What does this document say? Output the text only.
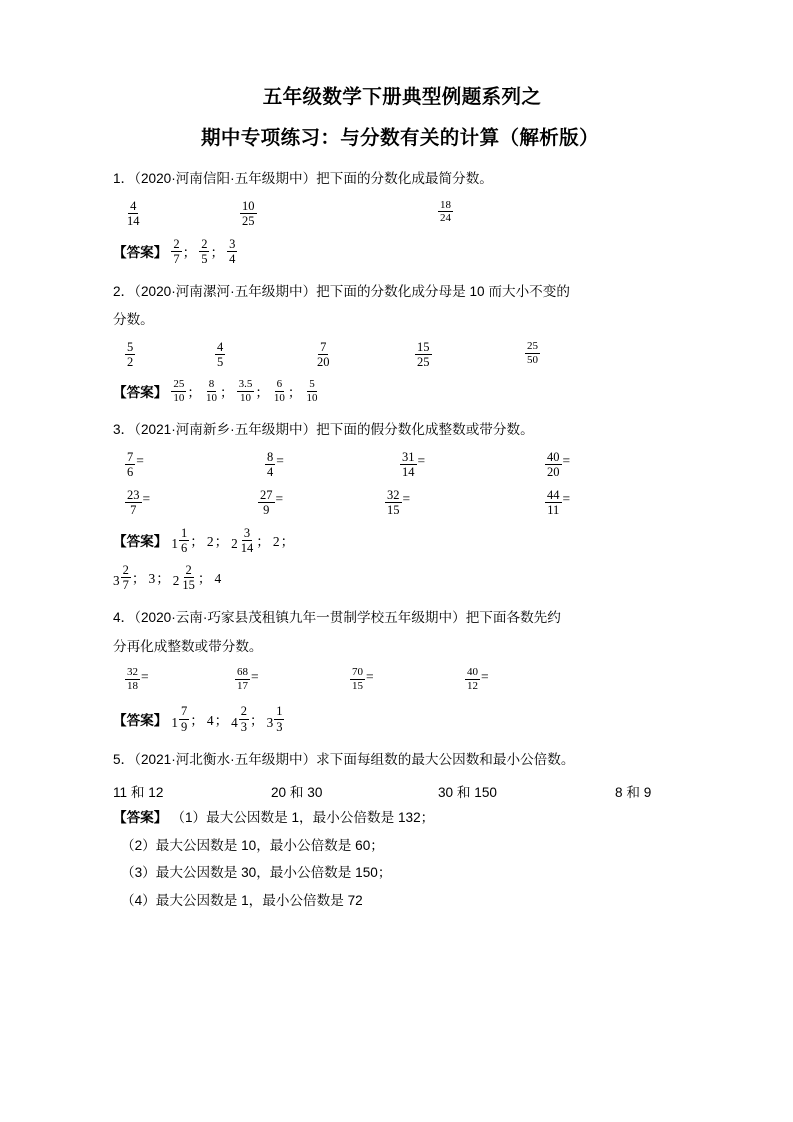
五年级数学下册典型例题系列之
期中专项练习：与分数有关的计算（解析版）
1．（2020·河南信阳·五年级期中）把下面的分数化成最简分数。
$\frac{4}{14}$	$\frac{10}{25}$	$\frac{18}{24}$
【答案】 $\frac{2}{7}$ ； $\frac{2}{5}$ ； $\frac{3}{4}$
2．（2020·河南漯河·五年级期中）把下面的分数化成分母是 10 而大小不变的
分数。
$\frac{5}{2}$	$\frac{4}{5}$	$\frac{7}{20}$	$\frac{15}{25}$	$\frac{25}{50}$
【答案】 $\frac{25}{10}$ ； $\frac{8}{10}$ ； $\frac{3.5}{10}$ ； $\frac{6}{10}$ ； $\frac{5}{10}$
3．（2021·河南新乡·五年级期中）把下面的假分数化成整数或带分数。
$\frac{7}{6}$ =	$\frac{8}{4}$ =	$\frac{31}{14}$ =	$\frac{40}{20}$ =
$\frac{23}{7}$ =	$\frac{27}{9}$ =	$\frac{32}{15}$ =	$\frac{44}{11}$ =
【答案】 $1 \frac{1}{6}$ ； 2 ； $2 \frac{3}{14}$ ； 2 ；
$3 \frac{2}{7}$ ； 3 ； $2 \frac{2}{15}$ ； 4
4．（2020·云南·巧家县茂租镇九年一贯制学校五年级期中）把下面各数先约
分再化成整数或带分数。
$\frac{32}{18}$ =	$\frac{68}{17}$ =	$\frac{70}{15}$ =	$\frac{40}{12}$ =
【答案】 $1 \frac{7}{9}$ ； 4 ； $4 \frac{2}{3}$ ； $3 \frac{1}{3}$
5．（2021·河北衡水·五年级期中）求下面每组数的最大公因数和最小公倍数。
11 和 12	20 和 30	30 和 150	8 和 9
【答案】 （1）最大公因数是 1，最小公倍数是 132；
（2）最大公因数是 10，最小公倍数是 60；
（3）最大公因数是 30，最小公倍数是 150；
（4）最大公因数是 1，最小公倍数是 72
